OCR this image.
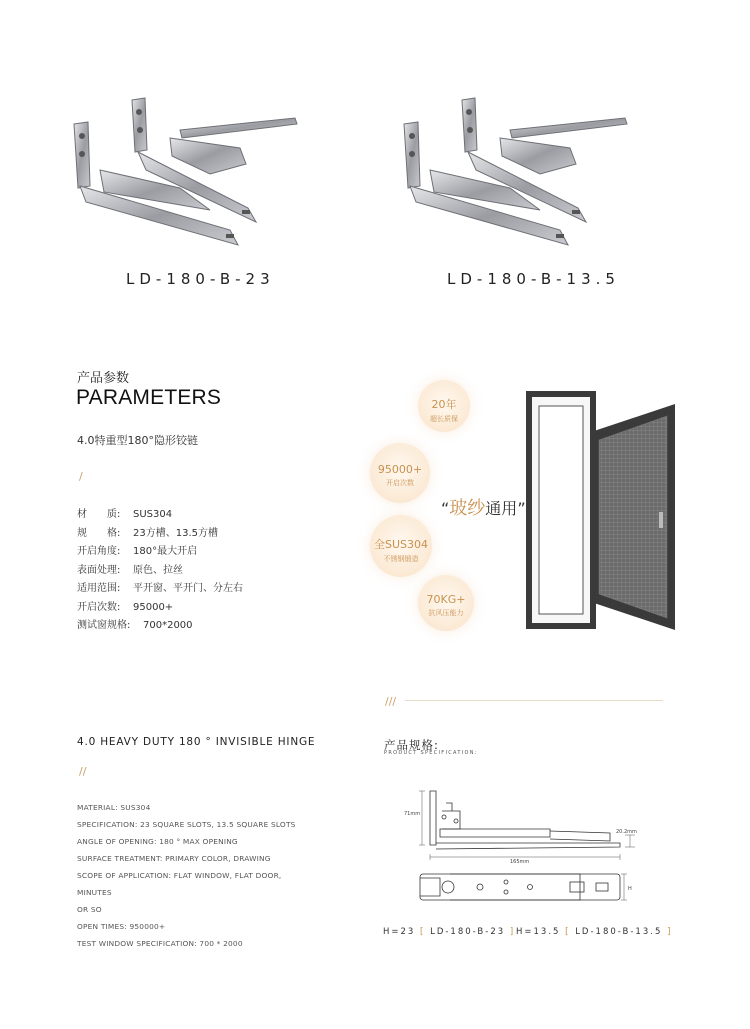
LD-180-B-23	LD-180-B-13.5
产品参数
PARAMETERS
4.0特重型180°隐形铰链
/
材　　质:	SUS304
规　　格:	23方槽、13.5方槽
开启角度:	180°最大开启
表面处理:	原色、拉丝
适用范围:	平开窗、平开门、分左右
开启次数:	95000+
测试窗规格:	700*2000
20年
超长质保
95000+
开启次数
全SUS304
不锈钢锻造
70KG+
抗风压能力
“玻纱通用”
///
4.0 HEAVY DUTY 180 ° INVISIBLE HINGE
//
MATERIAL: SUS304
SPECIFICATION: 23 SQUARE SLOTS, 13.5 SQUARE SLOTS
ANGLE OF OPENING: 180 ° MAX OPENING
SURFACE TREATMENT: PRIMARY COLOR, DRAWING
SCOPE OF APPLICATION: FLAT WINDOW, FLAT DOOR, MINUTES
OR SO
OPEN TIMES: 950000+
TEST WINDOW SPECIFICATION: 700 * 2000
产品规格:
PRODUCT SPECIFICATION:
71mm
165mm
20.2mm
H
H=23 [ LD-180-B-23 ] H=13.5 [ LD-180-B-13.5 ]
